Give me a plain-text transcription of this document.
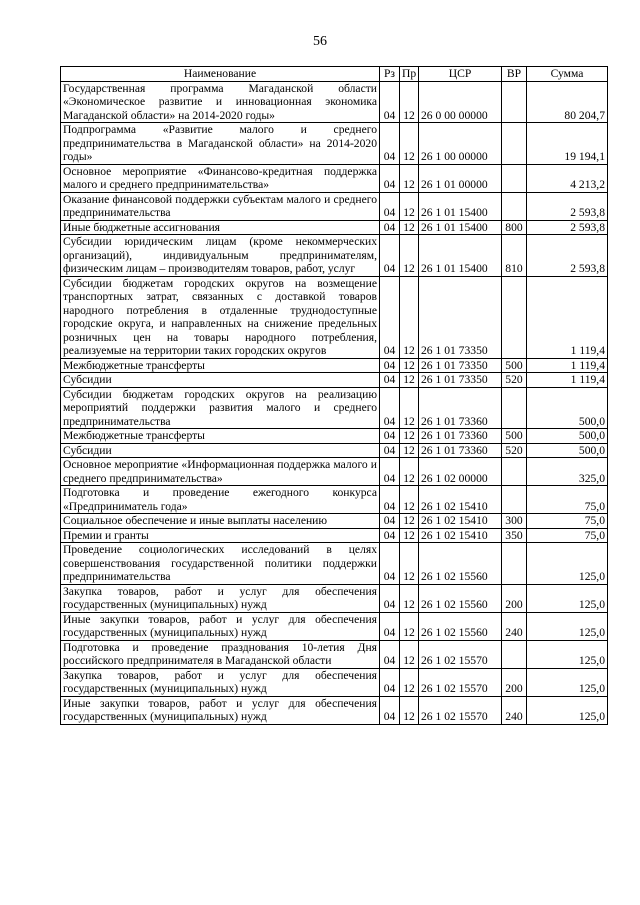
56
Наименование	Рз	Пр	ЦСР	ВР	Сумма
Государственная программа Магаданской области «Экономическое развитие и инновационная экономика Магаданской области» на 2014-2020 годы»	04	12	26 0 00 00000		80 204,7
Подпрограмма «Развитие малого и среднего предпринимательства в Магаданской области» на 2014-2020 годы»	04	12	26 1 00 00000		19 194,1
Основное мероприятие «Финансово-кредитная поддержка малого и среднего предпринимательства»	04	12	26 1 01 00000		4 213,2
Оказание финансовой поддержки субъектам малого и среднего предпринимательства	04	12	26 1 01 15400		2 593,8
Иные бюджетные ассигнования	04	12	26 1 01 15400	800	2 593,8
Субсидии юридическим лицам (кроме некоммерческих организаций), индивидуальным предпринимателям, физическим лицам – производителям товаров, работ, услуг	04	12	26 1 01 15400	810	2 593,8
Субсидии бюджетам городских округов на возмещение транспортных затрат, связанных с доставкой товаров народного потребления в отдаленные труднодоступные городские округа, и направленных на снижение предельных розничных цен на товары народного потребления, реализуемые на территории таких городских округов	04	12	26 1 01 73350		1 119,4
Межбюджетные трансферты	04	12	26 1 01 73350	500	1 119,4
Субсидии	04	12	26 1 01 73350	520	1 119,4
Субсидии бюджетам городских округов на реализацию мероприятий поддержки развития малого и среднего предпринимательства	04	12	26 1 01 73360		500,0
Межбюджетные трансферты	04	12	26 1 01 73360	500	500,0
Субсидии	04	12	26 1 01 73360	520	500,0
Основное мероприятие «Информационная поддержка малого и среднего предпринимательства»	04	12	26 1 02 00000		325,0
Подготовка и проведение ежегодного конкурса «Предприниматель года»	04	12	26 1 02 15410		75,0
Социальное обеспечение и иные выплаты населению	04	12	26 1 02 15410	300	75,0
Премии и гранты	04	12	26 1 02 15410	350	75,0
Проведение социологических исследований в целях совершенствования государственной политики поддержки предпринимательства	04	12	26 1 02 15560		125,0
Закупка товаров, работ и услуг для обеспечения государственных (муниципальных) нужд	04	12	26 1 02 15560	200	125,0
Иные закупки товаров, работ и услуг для обеспечения государственных (муниципальных) нужд	04	12	26 1 02 15560	240	125,0
Подготовка и проведение празднования 10-летия Дня российского предпринимателя в Магаданской области	04	12	26 1 02 15570		125,0
Закупка товаров, работ и услуг для обеспечения государственных (муниципальных) нужд	04	12	26 1 02 15570	200	125,0
Иные закупки товаров, работ и услуг для обеспечения государственных (муниципальных) нужд	04	12	26 1 02 15570	240	125,0
